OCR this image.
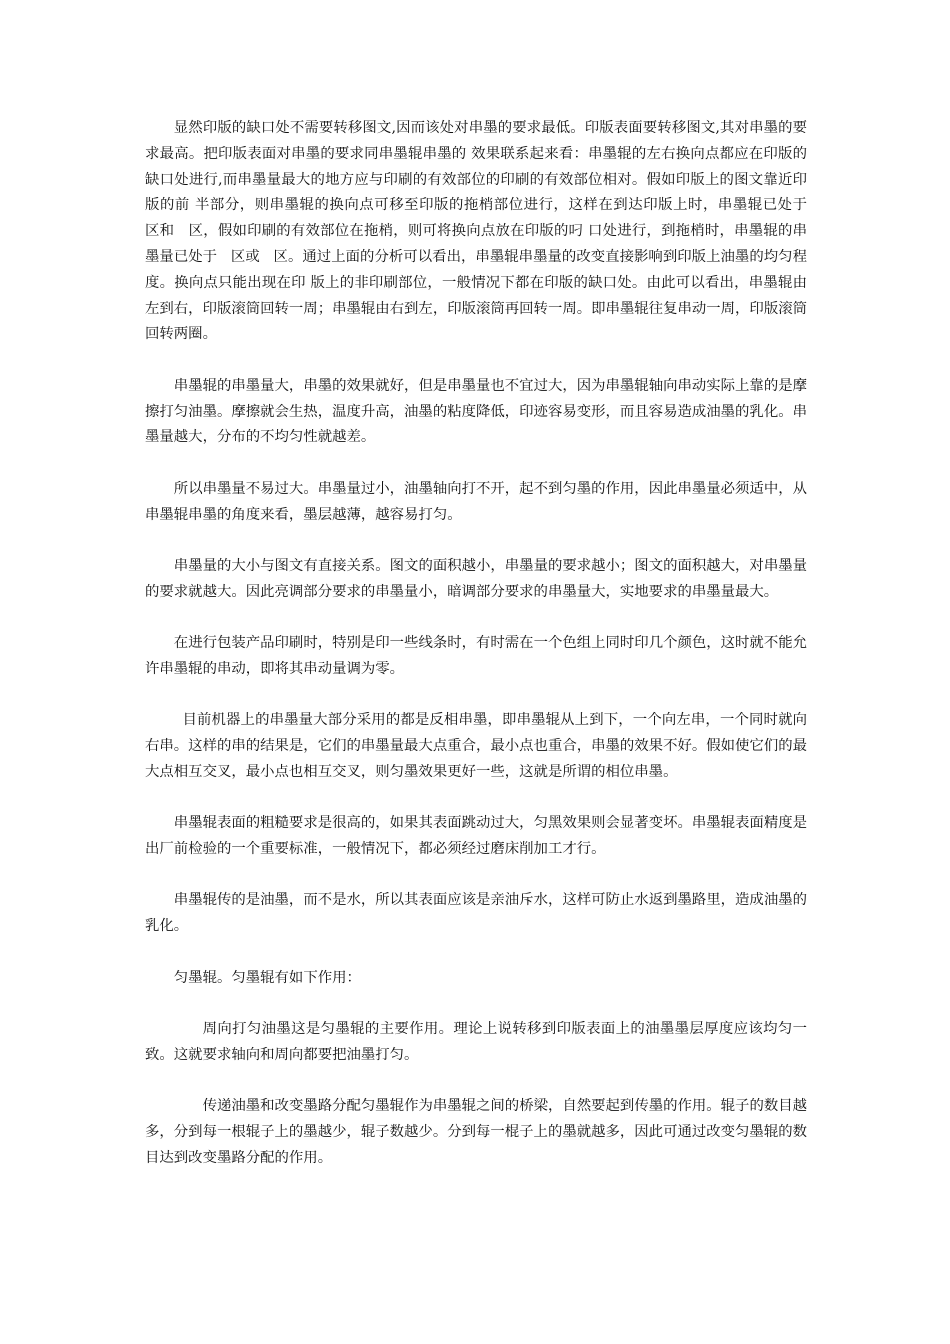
显然印版的缺口处不需要转移图文,因而该处对串墨的要求最低。印版表面要转移图文,其对串墨的要求最高。把印版表面对串墨的要求同串墨辊串墨的 效果联系起来看：串墨辊的左右换向点都应在印版的缺口处进行,而串墨量最大的地方应与印刷的有效部位的印刷的有效部位相对。假如印版上的图文靠近印版的前 半部分，则串墨辊的换向点可移至印版的拖梢部位进行，这样在到达印版上时，串墨辊已处于   区和   区，假如印刷的有效部位在拖梢，则可将换向点放在印版的叼 口处进行，到拖梢时，串墨辊的串墨量已处于   区或   区。通过上面的分析可以看出，串墨辊串墨量的改变直接影响到印版上油墨的均匀程度。换向点只能出现在印 版上的非印刷部位，一般情况下都在印版的缺口处。由此可以看出，串墨辊由左到右，印版滚筒回转一周；串墨辊由右到左，印版滚筒再回转一周。即串墨辊往复串动一周，印版滚筒回转两圈。

串墨辊的串墨量大，串墨的效果就好，但是串墨量也不宜过大，因为串墨辊轴向串动实际上靠的是摩擦打匀油墨。摩擦就会生热，温度升高，油墨的粘度降低，印迹容易变形，而且容易造成油墨的乳化。串墨量越大，分布的不均匀性就越差。

所以串墨量不易过大。串墨量过小，油墨轴向打不开，起不到匀墨的作用，因此串墨量必须适中，从串墨辊串墨的角度来看，墨层越薄，越容易打匀。

串墨量的大小与图文有直接关系。图文的面积越小，串墨量的要求越小；图文的面积越大，对串墨量的要求就越大。因此亮调部分要求的串墨量小，暗调部分要求的串墨量大，实地要求的串墨量最大。

在进行包装产品印刷时，特别是印一些线条时，有时需在一个色组上同时印几个颜色，这时就不能允许串墨辊的串动，即将其串动量调为零。

目前机器上的串墨量大部分采用的都是反相串墨，即串墨辊从上到下，一个向左串，一个同时就向右串。这样的串的结果是，它们的串墨量最大点重合，最小点也重合，串墨的效果不好。假如使它们的最大点相互交叉，最小点也相互交叉，则匀墨效果更好一些，这就是所谓的相位串墨。

串墨辊表面的粗糙要求是很高的，如果其表面跳动过大，匀黑效果则会显著变坏。串墨辊表面精度是出厂前检验的一个重要标准，一般情况下，都必须经过磨床削加工才行。

串墨辊传的是油墨，而不是水，所以其表面应该是亲油斥水，这样可防止水返到墨路里，造成油墨的乳化。

匀墨辊。匀墨辊有如下作用：

周向打匀油墨这是匀墨辊的主要作用。理论上说转移到印版表面上的油墨墨层厚度应该均匀一致。这就要求轴向和周向都要把油墨打匀。

传递油墨和改变墨路分配匀墨辊作为串墨辊之间的桥梁，自然要起到传墨的作用。辊子的数目越多，分到每一根辊子上的墨越少，辊子数越少。分到每一棍子上的墨就越多，因此可通过改变匀墨辊的数目达到改变墨路分配的作用。
